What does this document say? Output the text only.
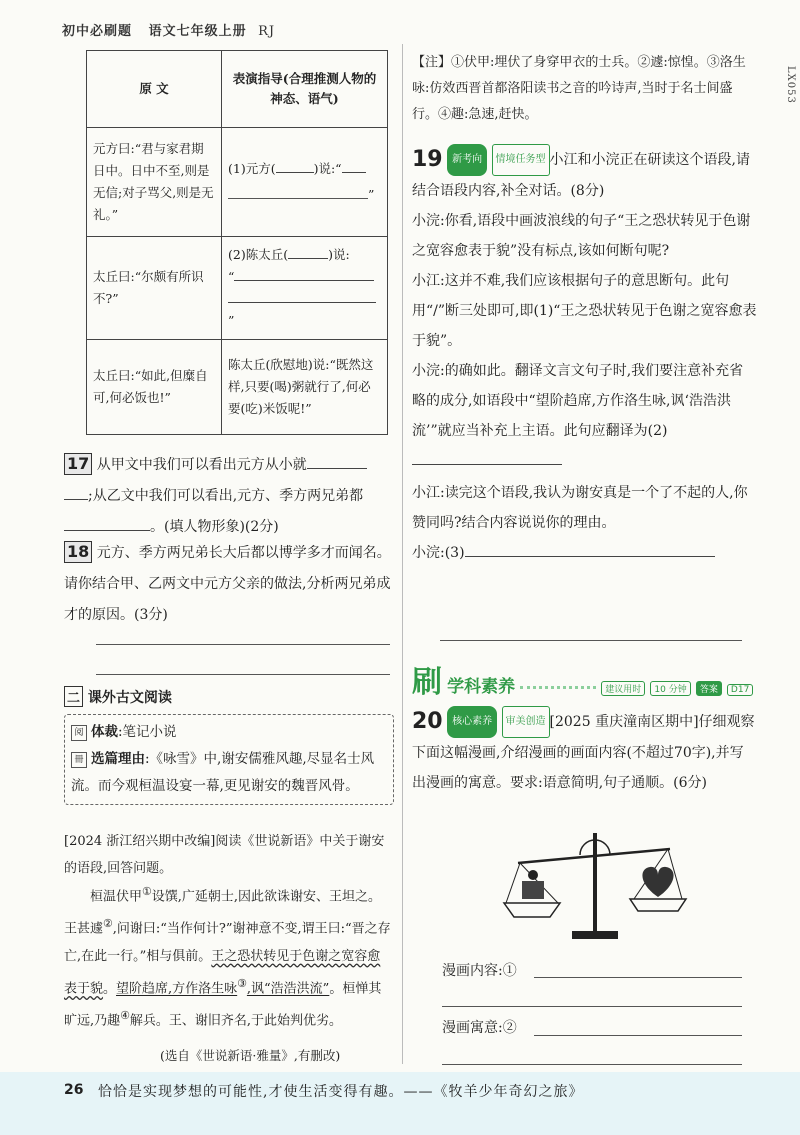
初中必刷题 语文七年级上册 RJ
LX053
原 文	表演指导(合理推测人物的神态、语气)
元方曰:“君与家君期日中。日中不至,则是无信;对子骂父,则是无礼。”	(1)元方( )说:“ ”
太丘曰:“尔颇有所识不?”	(2)陈太丘( )说:
“
”
太丘曰:“如此,但糜自可,何必饭也!”	陈太丘(欣慰地)说:“既然这样,只要(喝)粥就行了,何必要(吃)米饭呢!”
17 从甲文中我们可以看出元方从小就 ;从乙文中我们可以看出,元方、季方两兄弟都。(填人物形象)(2分)
18 元方、季方两兄弟长大后都以博学多才而闻名。请你结合甲、乙两文中元方父亲的做法,分析两兄弟成才的原因。(3分)
二 课外古文阅读
阅 体裁:笔记小说
冊 选篇理由:《咏雪》中,谢安儒雅风趣,尽显名士风流。而今观桓温设宴一幕,更见谢安的魏晋风骨。
[2024 浙江绍兴期中改编]阅读《世说新语》中关于谢安的语段,回答问题。
桓温伏甲①设馔,广延朝士,因此欲诛谢安、王坦之。王甚遽②,问谢曰:“当作何计?”谢神意不变,谓王曰:“晋之存亡,在此一行。”相与俱前。王之恐状转见于色谢之宽容愈表于貌。望阶趋席,方作洛生咏③,讽“浩浩洪流”。桓惮其旷远,乃趣④解兵。王、谢旧齐名,于此始判优劣。
(选自《世说新语·雅量》,有删改)
【注】①伏甲:埋伏了身穿甲衣的士兵。②遽:惊惶。③洛生咏:仿效西晋首都洛阳读书之音的吟诗声,当时于名士间盛行。④趣:急速,赶快。
19 新考向 情境任务型 小江和小浣正在研读这个语段,请结合语段内容,补全对话。(8分)
小浣:你看,语段中画波浪线的句子“王之恐状转见于色谢之宽容愈表于貌”没有标点,该如何断句呢?
小江:这并不难,我们应该根据句子的意思断句。此句用“/”断三处即可,即(1)“王之恐状转见于色谢之宽容愈表于貌”。
小浣:的确如此。翻译文言文句子时,我们要注意补充省略的成分,如语段中“望阶趋席,方作洛生咏,讽‘浩浩洪流’”就应当补充上主语。此句应翻译为(2)
小江:读完这个语段,我认为谢安真是一个了不起的人,你赞同吗?结合内容说说你的理由。
小浣:(3)
刷 学科素养	建议用时 10 分钟 答案 D17
20 核心素养 审美创造 [2025 重庆潼南区期中]仔细观察下面这幅漫画,介绍漫画的画面内容(不超过70字),并写出漫画的寓意。要求:语意简明,句子通顺。(6分)
漫画内容:①
漫画寓意:②
26 恰恰是实现梦想的可能性,才使生活变得有趣。——《牧羊少年奇幻之旅》
